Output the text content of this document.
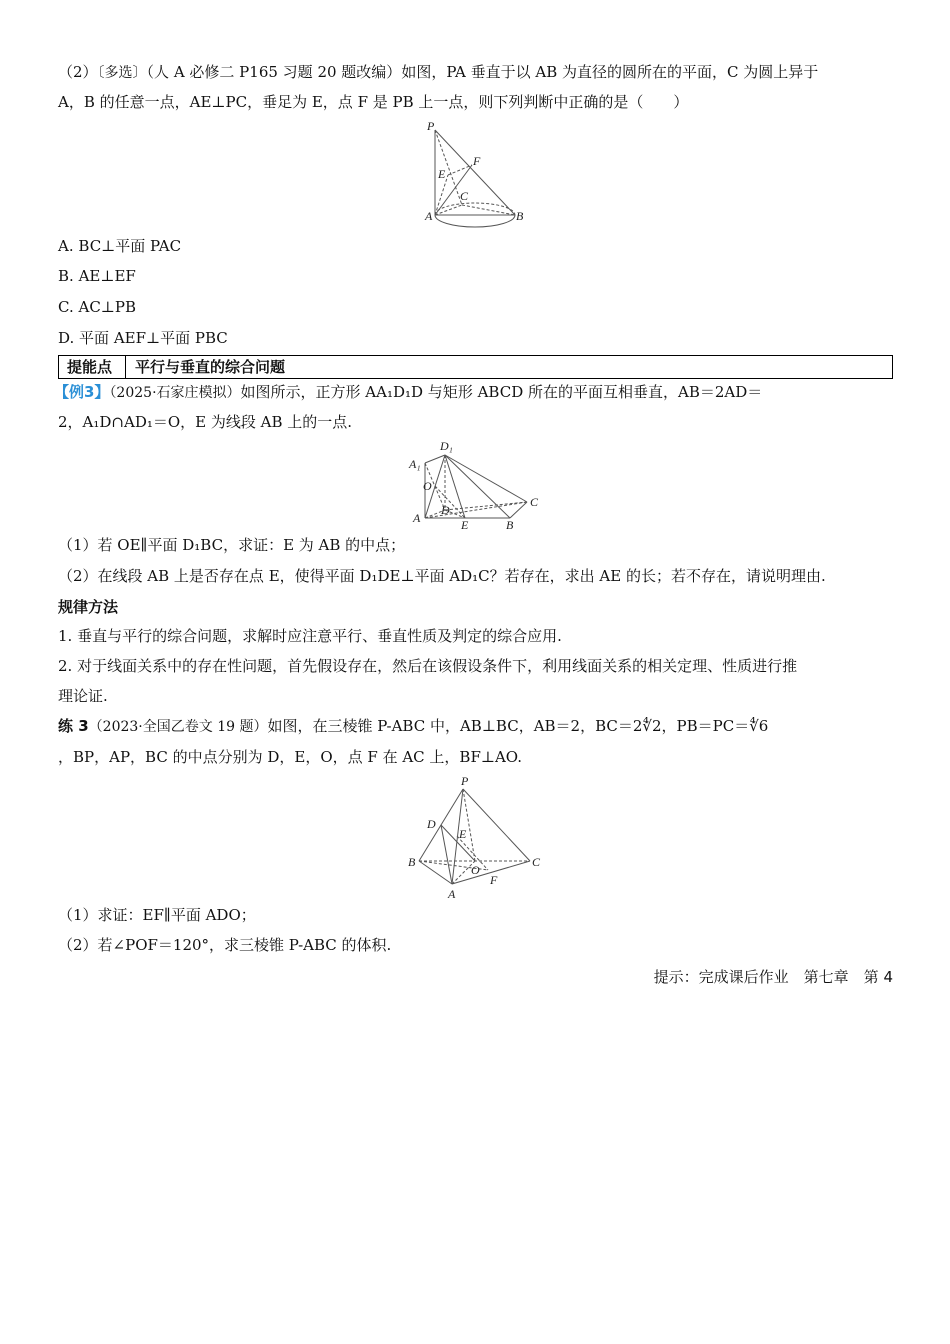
（2）〔多选〕（人 A 必修二 P165 习题 20 题改编）如图，PA 垂直于以 AB 为直径的圆所在的平面，C 为圆上异于
A，B 的任意一点，AE⊥PC，垂足为 E，点 F 是 PB 上一点，则下列判断中正确的是（　　）
P
F
E
C
A	B
A. BC⊥平面 PAC
B. AE⊥EF
C. AC⊥PB
D. 平面 AEF⊥平面 PBC
提能点 平行与垂直的综合问题
【例3】（2025·石家庄模拟）如图所示，正方形 AA₁D₁D 与矩形 ABCD 所在的平面互相垂直，AB＝2AD＝
2，A₁D∩AD₁＝O，E 为线段 AB 上的一点.
D₁
A₁
O
A
D
E	B
C
（1）若 OE∥平面 D₁BC，求证：E 为 AB 的中点；
（2）在线段 AB 上是否存在点 E，使得平面 D₁DE⊥平面 AD₁C？若存在，求出 AE 的长；若不存在，请说明理由.
规律方法
1. 垂直与平行的综合问题，求解时应注意平行、垂直性质及判定的综合应用.
2. 对于线面关系中的存在性问题，首先假设存在，然后在该假设条件下，利用线面关系的相关定理、性质进行推
理论证.
练 3（2023·全国乙卷文 19 题）如图，在三棱锥 P-ABC 中，AB⊥BC，AB＝2，BC＝2∜2，PB＝PC＝∜6
，BP，AP，BC 的中点分别为 D，E，O，点 F 在 AC 上，BF⊥AO.
P
D
E
B	C
O
F
A
（1）求证：EF∥平面 ADO；
（2）若∠POF＝120°，求三棱锥 P-ABC 的体积.
提示：完成课后作业　第七章　第 4
